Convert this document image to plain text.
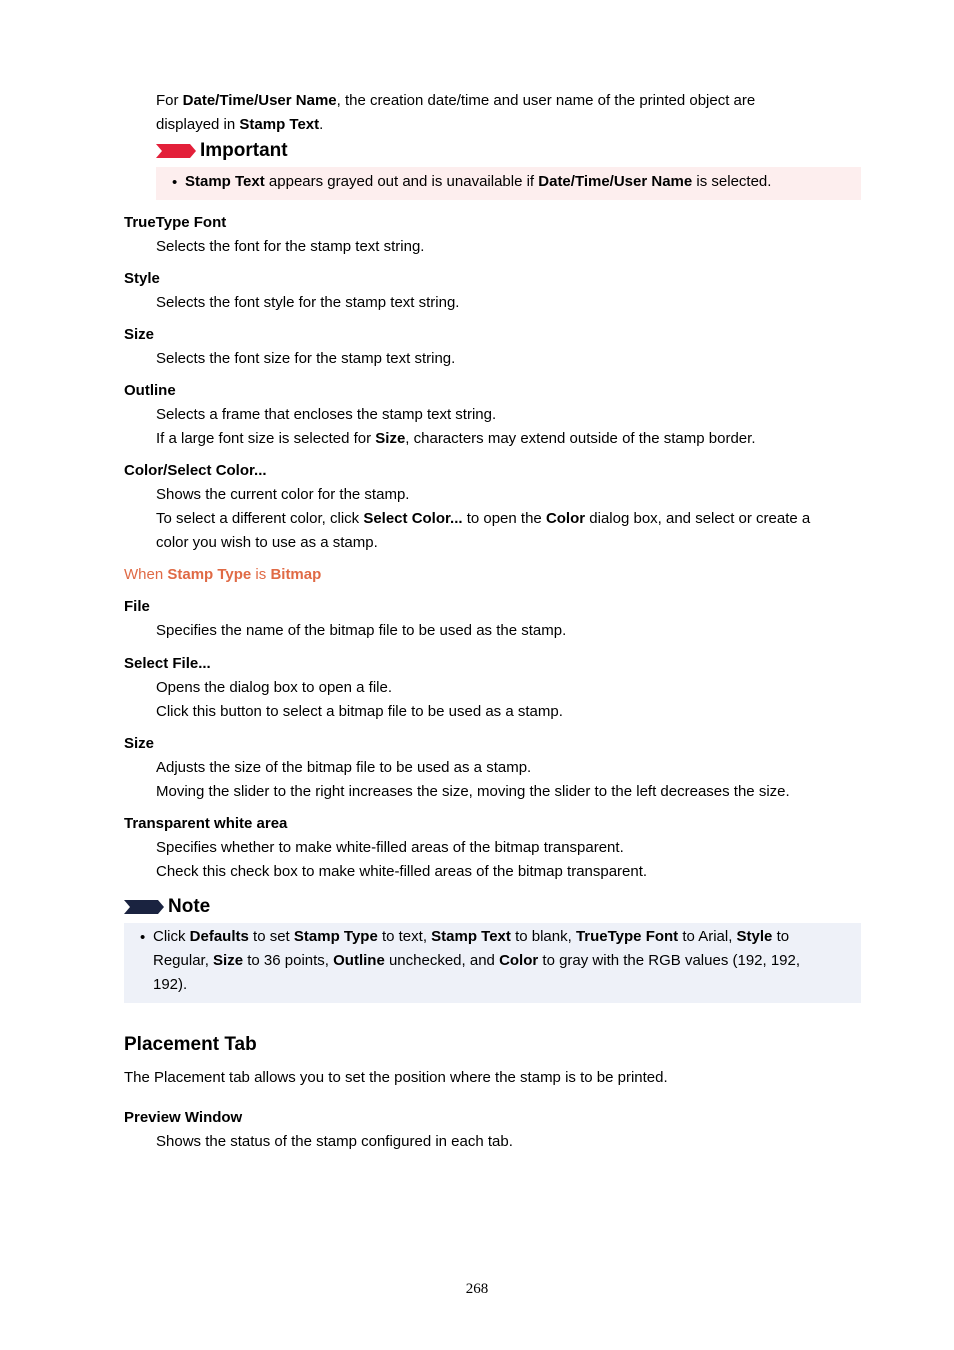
For Date/Time/User Name, the creation date/time and user name of the printed object are
displayed in Stamp Text.
Important
• Stamp Text appears grayed out and is unavailable if Date/Time/User Name is selected.
TrueType Font
Selects the font for the stamp text string.
Style
Selects the font style for the stamp text string.
Size
Selects the font size for the stamp text string.
Outline
Selects a frame that encloses the stamp text string.
If a large font size is selected for Size, characters may extend outside of the stamp border.
Color/Select Color...
Shows the current color for the stamp.
To select a different color, click Select Color... to open the Color dialog box, and select or create a
color you wish to use as a stamp.
When Stamp Type is Bitmap
File
Specifies the name of the bitmap file to be used as the stamp.
Select File...
Opens the dialog box to open a file.
Click this button to select a bitmap file to be used as a stamp.
Size
Adjusts the size of the bitmap file to be used as a stamp.
Moving the slider to the right increases the size, moving the slider to the left decreases the size.
Transparent white area
Specifies whether to make white-filled areas of the bitmap transparent.
Check this check box to make white-filled areas of the bitmap transparent.
Note
• Click Defaults to set Stamp Type to text, Stamp Text to blank, TrueType Font to Arial, Style to
Regular, Size to 36 points, Outline unchecked, and Color to gray with the RGB values (192, 192,
192).
Placement Tab
The Placement tab allows you to set the position where the stamp is to be printed.
Preview Window
Shows the status of the stamp configured in each tab.
268
